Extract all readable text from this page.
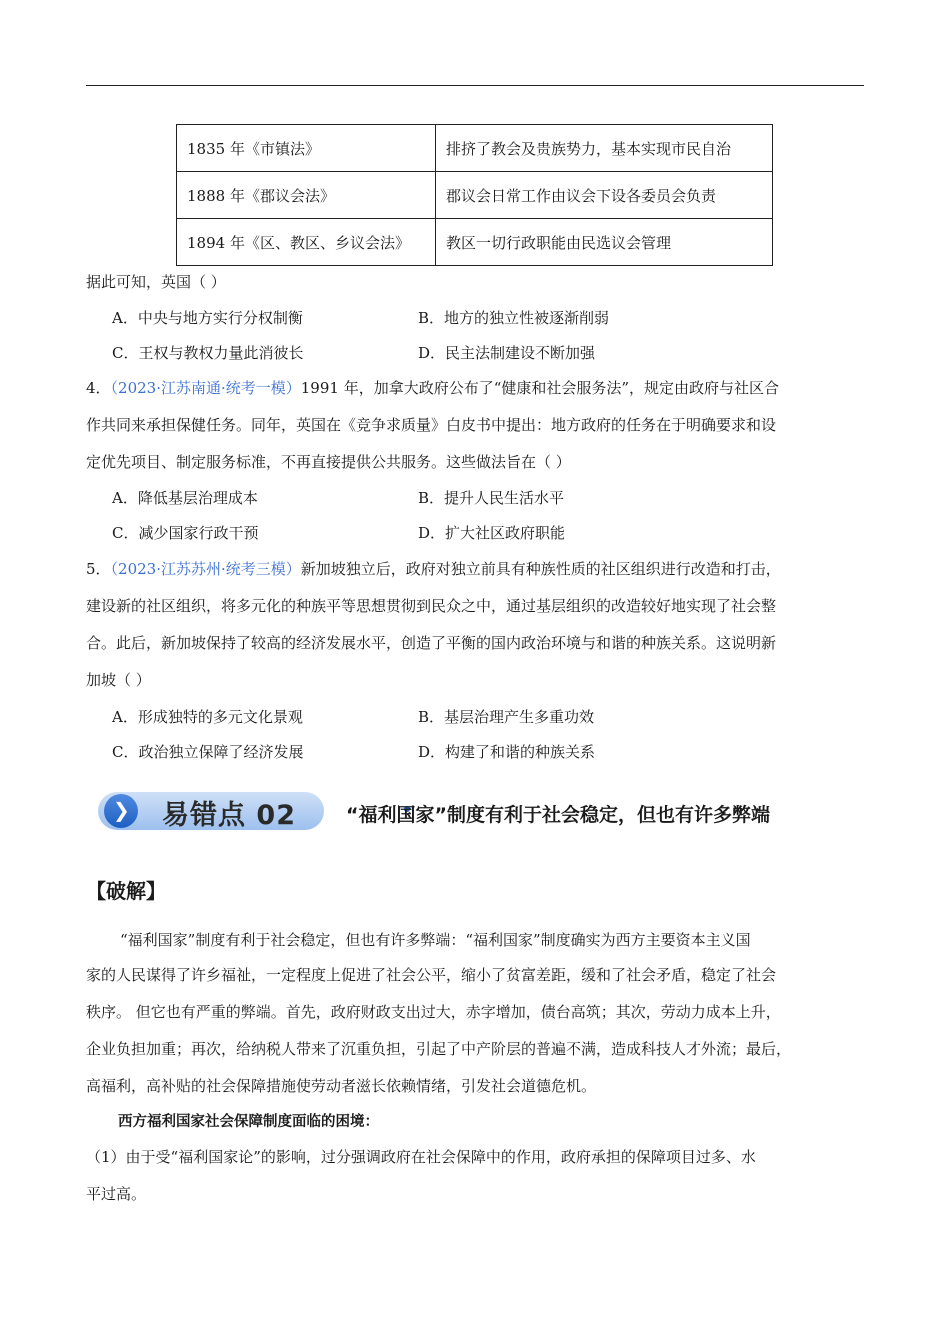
1835 年《市镇法》	排挤了教会及贵族势力，基本实现市民自治
1888 年《郡议会法》	郡议会日常工作由议会下设各委员会负责
1894 年《区、教区、乡议会法》	教区一切行政职能由民选议会管理
据此可知，英国（ ）
A．中央与地方实行分权制衡	B．地方的独立性被逐渐削弱
C．王权与教权力量此消彼长	D．民主法制建设不断加强
4．（2023·江苏南通·统考一模）1991 年，加拿大政府公布了“健康和社会服务法”，规定由政府与社区合
作共同来承担保健任务。同年，英国在《竞争求质量》白皮书中提出：地方政府的任务在于明确要求和设
定优先项目、制定服务标准，不再直接提供公共服务。这些做法旨在（ ）
A．降低基层治理成本	B．提升人民生活水平
C．减少国家行政干预	D．扩大社区政府职能
5．（2023·江苏苏州·统考三模）新加坡独立后，政府对独立前具有种族性质的社区组织进行改造和打击，
建设新的社区组织，将多元化的种族平等思想贯彻到民众之中，通过基层组织的改造较好地实现了社会整
合。此后，新加坡保持了较高的经济发展水平，创造了平衡的国内政治环境与和谐的种族关系。这说明新
加坡（ ）
A．形成独特的多元文化景观	B．基层治理产生多重功效
C．政治独立保障了经济发展	D．构建了和谐的种族关系
❯ 易错点 02	“福利国家”制度有利于社会稳定，但也有许多弊端
【破解】
“福利国家”制度有利于社会稳定，但也有许多弊端：“福利国家”制度确实为西方主要资本主义国
家的人民谋得了许乡福祉，一定程度上促进了社会公平，缩小了贫富差距，缓和了社会矛盾，稳定了社会
秩序。 但它也有严重的弊端。首先，政府财政支出过大，赤字增加，债台高筑；其次，劳动力成本上升，
企业负担加重；再次，给纳税人带来了沉重负担，引起了中产阶层的普遍不满，造成科技人才外流；最后，
高福利，高补贴的社会保障措施使劳动者滋长依赖情绪，引发社会道德危机。
西方福利国家社会保障制度面临的困境：
（1）由于受“福利国家论”的影响，过分强调政府在社会保障中的作用，政府承担的保障项目过多、水
平过高。
